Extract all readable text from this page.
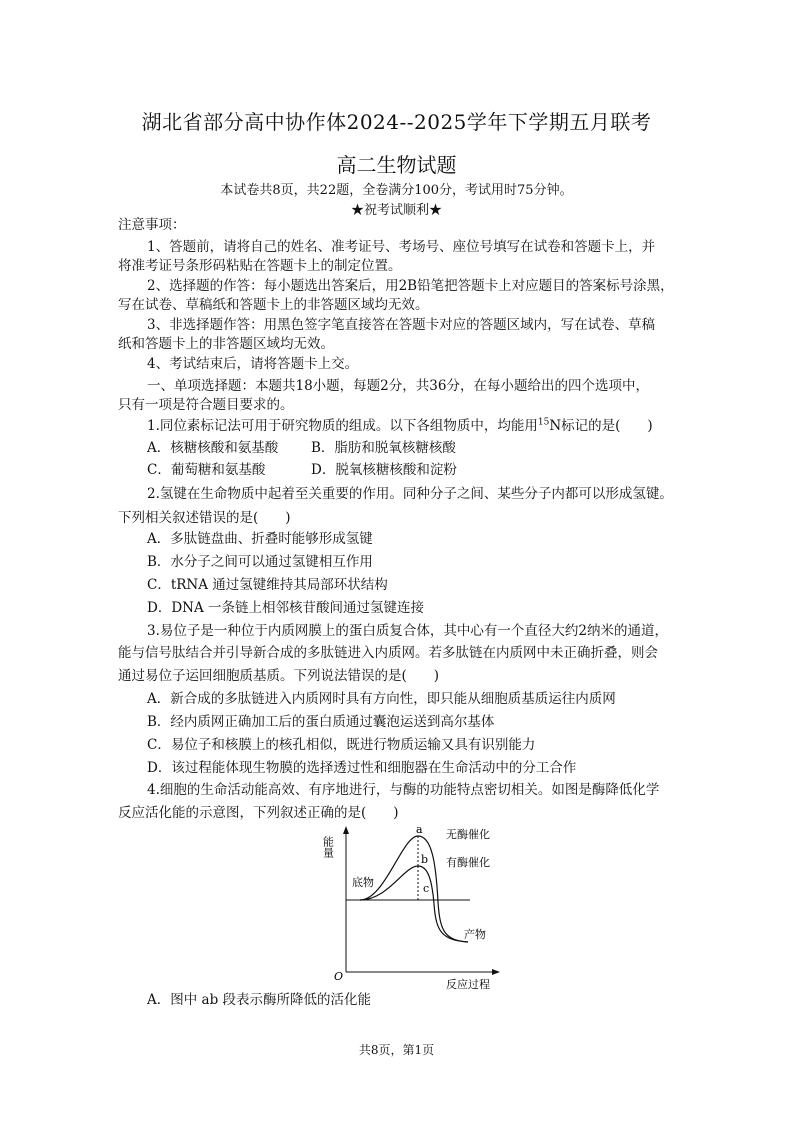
湖北省部分高中协作体2024--2025学年下学期五月联考
高二生物试题
本试卷共8页，共22题，全卷满分100分，考试用时75分钟。
★祝考试顺利★
注意事项：
1、答题前，请将自己的姓名、准考证号、考场号、座位号填写在试卷和答题卡上，并
将准考证号条形码粘贴在答题卡上的制定位置。
2、选择题的作答：每小题选出答案后，用2B铅笔把答题卡上对应题目的答案标号涂黑，
写在试卷、草稿纸和答题卡上的非答题区域均无效。
3、非选择题作答：用黑色签字笔直接答在答题卡对应的答题区域内，写在试卷、草稿
纸和答题卡上的非答题区域均无效。
4、考试结束后，请将答题卡上交。
一、单项选择题：本题共18小题，每题2分，共36分，在每小题给出的四个选项中，
只有一项是符合题目要求的。
1.同位素标记法可用于研究物质的组成。以下各组物质中，均能用$^{15}$N标记的是(　　)
A．核糖核酸和氨基酸 B．脂肪和脱氧核糖核酸
C．葡萄糖和氨基酸	D．脱氧核糖核酸和淀粉
2.氢键在生命物质中起着至关重要的作用。同种分子之间、某些分子内都可以形成氢键。
下列相关叙述错误的是(　　)
A．多肽链盘曲、折叠时能够形成氢键
B．水分子之间可以通过氢键相互作用
C．tRNA 通过氢键维持其局部环状结构
D．DNA 一条链上相邻核苷酸间通过氢键连接
3.易位子是一种位于内质网膜上的蛋白质复合体，其中心有一个直径大约2纳米的通道，
能与信号肽结合并引导新合成的多肽链进入内质网。若多肽链在内质网中未正确折叠，则会
通过易位子运回细胞质基质。下列说法错误的是(　　)
A．新合成的多肽链进入内质网时具有方向性，即只能从细胞质基质运往内质网
B．经内质网正确加工后的蛋白质通过囊泡运送到高尔基体
C．易位子和核膜上的核孔相似，既进行物质运输又具有识别能力
D．该过程能体现生物膜的选择透过性和细胞器在生命活动中的分工合作
4.细胞的生命活动能高效、有序地进行，与酶的功能特点密切相关。如图是酶降低化学
反应活化能的示意图，下列叙述正确的是(　　)
能量
O
反应过程
a
b
c
无酶催化
有酶催化
底物
产物
A．图中 ab 段表示酶所降低的活化能
共8页，第1页
